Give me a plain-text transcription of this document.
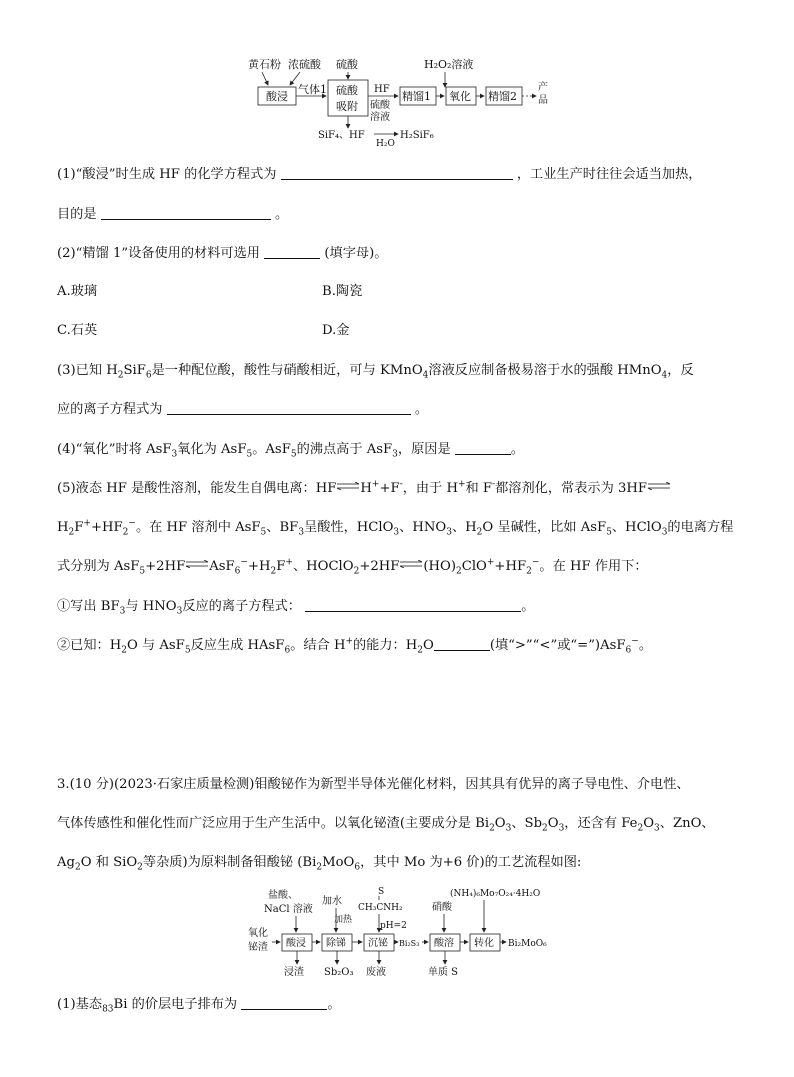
黄石粉 浓硫酸 硫酸	H₂O₂溶液
酸浸
气体1 硫酸
吸附
HF
硫酸
溶液
精馏1 氧化 精馏2
产
品
SiF₄、HF
H₂O
H₂SiF₆
(1)“酸浸”时生成 HF 的化学方程式为	，工业生产时往往会适当加热，
目的是	。
(2)“精馏 1”设备使用的材料可选用	(填字母)。
A.玻璃	B.陶瓷
C.石英	D.金
(3)已知 $H_2SiF_6$是一种配位酸，酸性与硝酸相近，可与 KMnO$_4$溶液反应制备极易溶于水的强酸 HMnO$_4$，反
应的离子方程式为	。
(4)“氧化”时将 AsF$_3$氧化为 AsF$_5$。AsF$_5$的沸点高于 AsF$_3$，原因是	。
(5)液态 HF 是酸性溶剂，能发生自偶电离：HF⇌H++F-，由于 H+和 F-都溶剂化，常表示为 3HF⇌
$H_2F^++HF_2^-$。在 HF 溶剂中 AsF$_5$、$BF_3$呈酸性，HClO$_3$、$HNO_3$、$H_2O$ 呈碱性，比如 AsF$_5$、HClO$_3$的电离方程
式分别为 $AsF_5+2HF\rightleftharpoons AsF_6^-+H_2F^+$、$HOClO_2+2HF\rightleftharpoons(HO)_2ClO^++HF_2^-$。在 HF 作用下：
①写出 $BF_3$与 $HNO_3$反应的离子方程式：	。
②已知：$H_2O$ 与 AsF$_5$反应生成 HAsF$_6$。结合 H+的能力：$H_2O$	(填“>”“<”或“=”)AsF$_6$−。
3.(10 分)(2023·石家庄质量检测)钼酸铋作为新型半导体光催化材料，因其具有优异的离子导电性、介电性、
气体传感性和催化性而广泛应用于生产生活中。以氧化铋渣(主要成分是 $Bi_2O_3$、$Sb_2O_3$，还含有 $Fe_2O_3$、ZnO、
$Ag_2O$ 和 SiO$_2$等杂质)为原料制备钼酸铋 ($Bi_2MoO_6$，其中 Mo 为+6 价)的工艺流程如图:
盐酸、
NaCl 溶液
加水
加热
S
CH₃CNH₂
pH=2
硝酸
(NH₄)₆Mo₇O₂₄·4H₂O
氧化
铋渣 酸浸 除锑 沉铋 Bi₂S₃ 酸溶 转化 Bi₂MoO₆
浸渣 Sb₂O₃ 废液	单质 S
(1)基态$_{83}$Bi 的价层电子排布为	。
